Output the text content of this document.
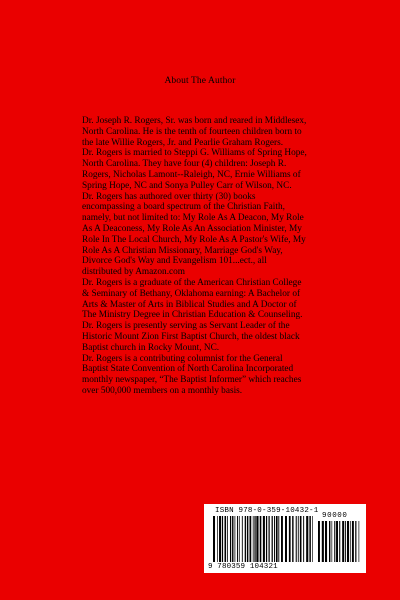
About The Author

Dr. Joseph R. Rogers, Sr. was born and reared in Middlesex, North Carolina. He is the tenth of fourteen children born to the late Willie Rogers, Jr. and Pearlie Graham Rogers.

Dr. Rogers is married to Steppi G. Williams of Spring Hope, North Carolina. They have four (4) children: Joseph R. Rogers, Nicholas Lamont--Raleigh, NC, Ernie Williams of Spring Hope, NC and Sonya Pulley Carr of Wilson, NC.

Dr. Rogers has authored over thirty (30) books encompassing a board spectrum of the Christian Faith, namely, but not limited to: My Role As A Deacon, My Role As A Deaconess, My Role As An Association Minister, My Role In The Local Church, My Role As A Pastor's Wife, My Role As A Christian Missionary, Marriage God's Way, Divorce God's Way and Evangelism 101...ect., all distributed by Amazon.com

Dr. Rogers is a graduate of the American Christian College & Seminary of Bethany, Oklahoma earning: A Bachelor of Arts & Master of Arts in Biblical Studies and A Doctor of The Ministry Degree in Christian Education & Counseling.

Dr. Rogers is presently serving as Servant Leader of the Historic Mount Zion First Baptist Church, the oldest black Baptist church in Rocky Mount, NC.

Dr. Rogers is a contributing columnist for the General Baptist State Convention of North Carolina Incorporated monthly newspaper, “The Baptist Informer” which reaches over 500,000 members on a monthly basis.

ISBN 978-0-359-10432-1
90000
9 780359 104321
